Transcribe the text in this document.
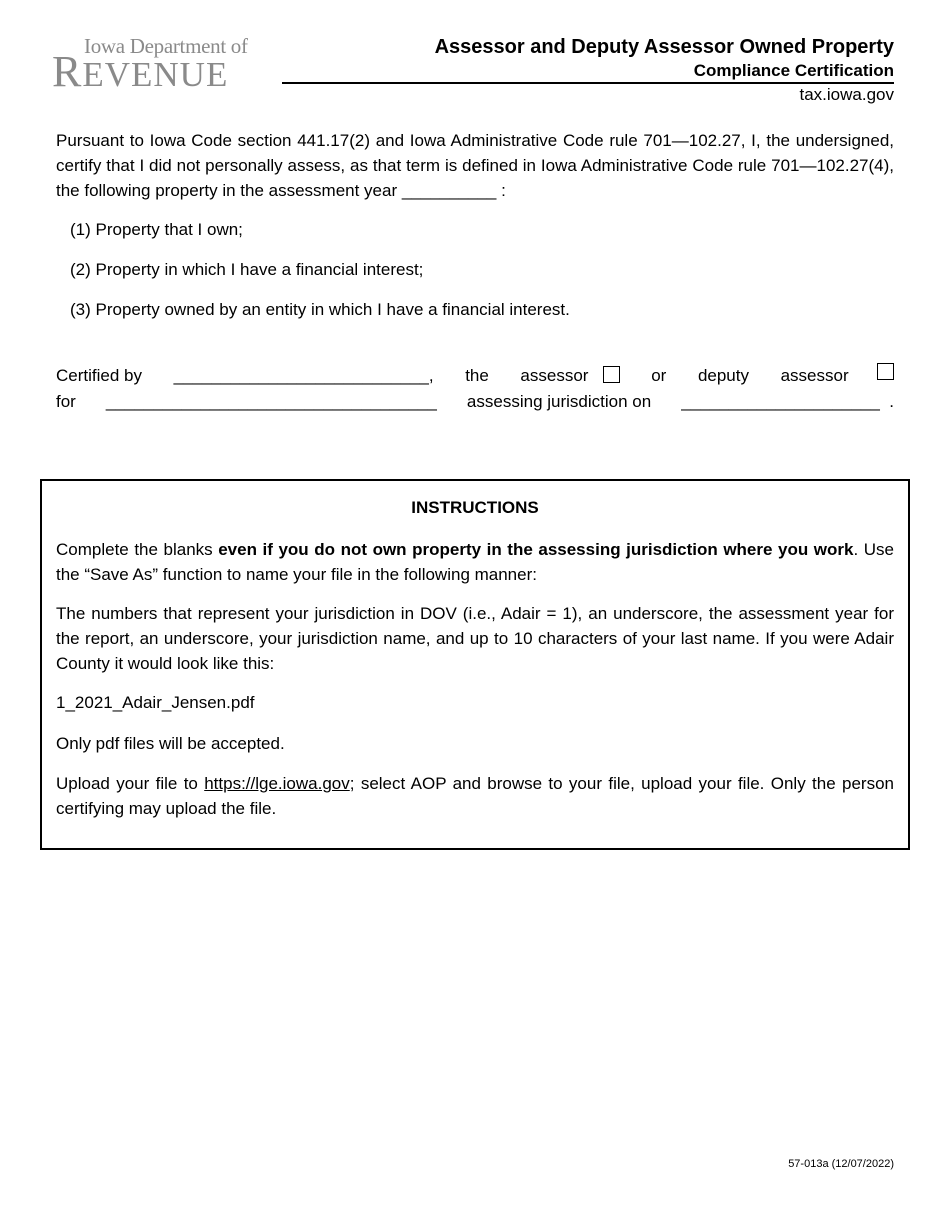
Iowa Department of
REVENUE
Assessor and Deputy Assessor Owned Property
Compliance Certification
tax.iowa.gov
Pursuant to Iowa Code section 441.17(2) and Iowa Administrative Code rule 701—102.27, I, the undersigned, certify that I did not personally assess, as that term is defined in Iowa Administrative Code rule 701—102.27(4), the following property in the assessment year __________ :
(1) Property that I own;
(2) Property in which I have a financial interest;
(3) Property owned by an entity in which I have a financial interest.
Certified by ___________________________, the assessor	or deputy assessor
for ___________________________________ assessing jurisdiction on _____________________ .
INSTRUCTIONS
Complete the blanks even if you do not own property in the assessing jurisdiction where you work. Use the “Save As” function to name your file in the following manner:
The numbers that represent your jurisdiction in DOV (i.e., Adair = 1), an underscore, the assessment year for the report, an underscore, your jurisdiction name, and up to 10 characters of your last name. If you were Adair County it would look like this:
1_2021_Adair_Jensen.pdf
Only pdf files will be accepted.
Upload your file to https://lge.iowa.gov; select AOP and browse to your file, upload your file. Only the person certifying may upload the file.
57-013a (12/07/2022)
